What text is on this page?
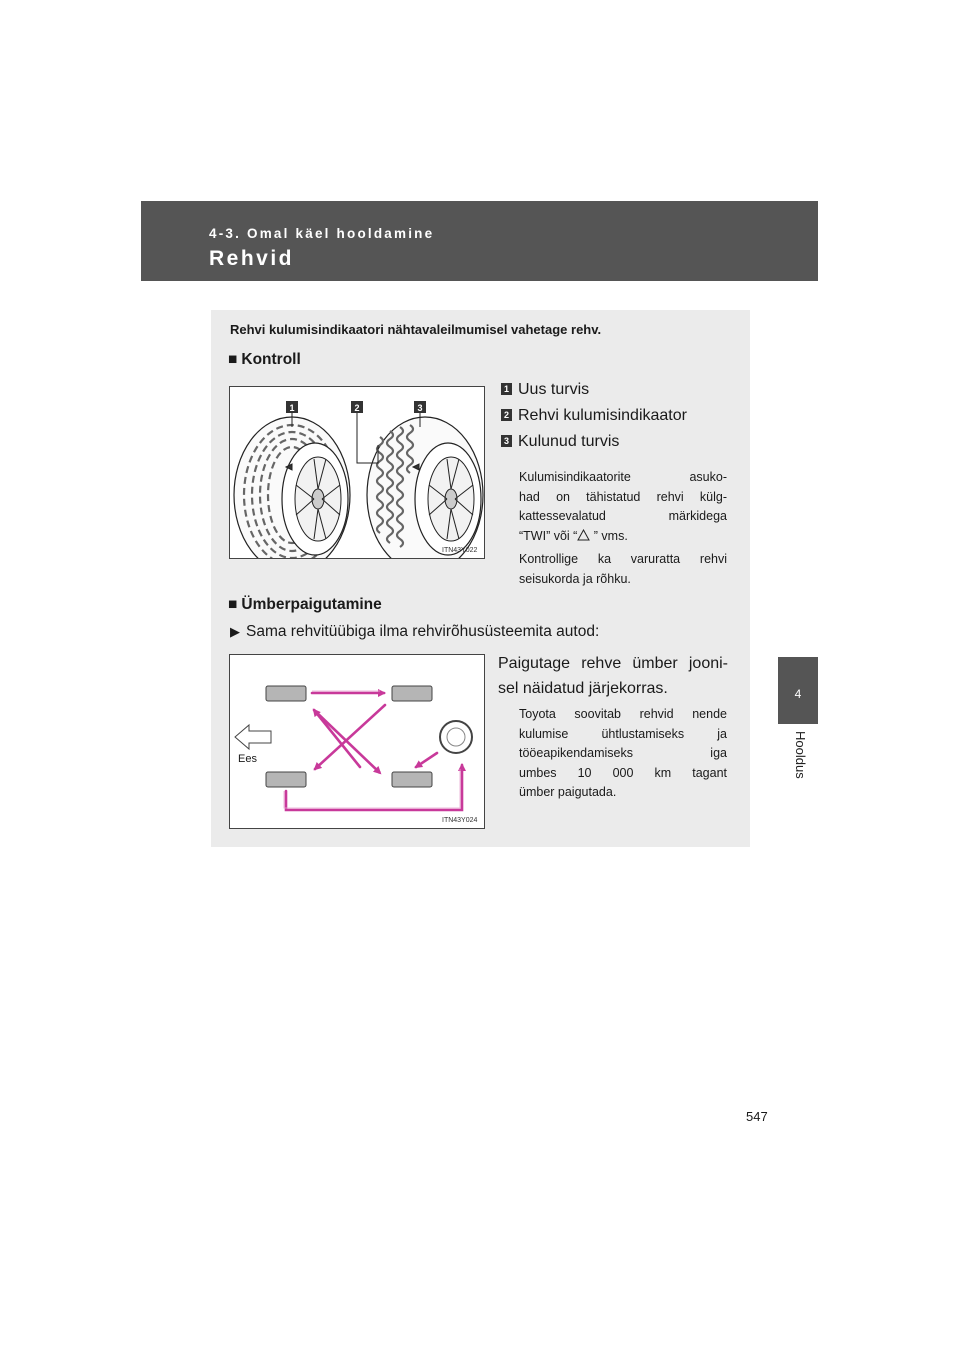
4-3. Omal käel hooldamine
Rehvid
4
Hooldus
Rehvi kulumisindikaatori nähtavaleilmumisel vahetage rehv.
■ Kontroll
1	2	3
ITN43Y022
1 Uus turvis
2 Rehvi kulumisindikaator
3 Kulunud turvis
Kulumisindikaatorite asuko-
had on tähistatud rehvi külg-
kattessevalatud märkidega
“TWI” või “ ” vms.
Kontrollige ka varuratta rehvi
seisukorda ja rõhku.
■ Ümberpaigutamine
▶ Sama rehvitüübiga ilma rehvirõhusüsteemita autod:
Ees
ITN43Y024
Paigutage rehve ümber jooni-
sel näidatud järjekorras.
Toyota soovitab rehvid nende
kulumise ühtlustamiseks ja
tööeapikendamiseks iga
umbes 10 000 km tagant
ümber paigutada.
547
